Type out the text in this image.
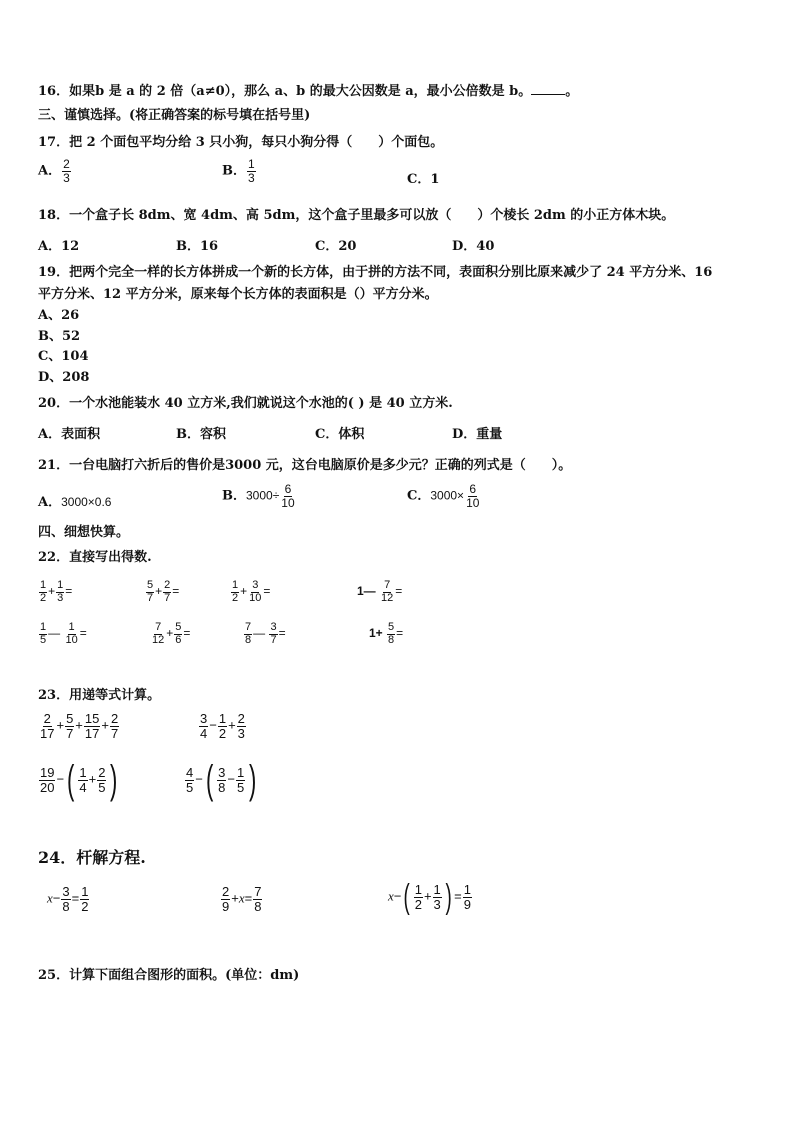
16．如果b 是 a 的 2 倍（a≠0），那么 a、b 的最大公因数是 a，最小公倍数是 b。	。
三、谨慎选择。(将正确答案的标号填在括号里)
17．把 2 个面包平均分给 3 只小狗，每只小狗分得（　　）个面包。
A． $\frac{2}{3}$	B． $\frac{1}{3}$	C．1
18．一个盒子长 8dm、宽 4dm、高 5dm，这个盒子里最多可以放（　　）个棱长 2dm 的小正方体木块。
A．12	B．16	C．20	D．40
19．把两个完全一样的长方体拼成一个新的长方体，由于拼的方法不同，表面积分别比原来减少了 24 平方分米、16
平方分米、12 平方分米，原来每个长方体的表面积是（）平方分米。
A、26
B、52
C、104
D、208
20．一个水池能装水 40 立方米,我们就说这个水池的( ) 是 40 立方米.
A．表面积	B．容积	C．体积	D．重量
21．一台电脑打六折后的售价是3000 元，这台电脑原价是多少元？正确的列式是（　　）。
A．3000×0.6	B．$3000\div \frac{6}{10}$	C．$3000\times \frac{6}{10}$
四、细想快算。
22．直接写出得数.
$\frac{1}{2} + \frac{1}{3}$ =	$\frac{5}{7} + \frac{2}{7}$ =	$\frac{1}{2} + \frac{3}{10}$ =	1— $\frac{7}{12}$ =
$\frac{1}{5}$ — $\frac{1}{10}$ =	$\frac{7}{12} + \frac{5}{6}$ =	$\frac{7}{8}$ — $\frac{3}{7}$ =	$1+ \frac{5}{8}$ =
23．用递等式计算。
$\frac{2}{17} + \frac{5}{7} + \frac{15}{17} + \frac{2}{7}$	$\frac{3}{4} - \frac{1}{2} + \frac{2}{3}$
$\frac{19}{20}$ −( $\frac{1}{4} + \frac{2}{5}$ )	$\frac{4}{5}$ −( $\frac{3}{8} - \frac{1}{5}$ )
24．杆解方程.
$x- \frac{3}{8} = \frac{1}{2}$	$\frac{2}{9} +x= \frac{7}{8}$	$x-( \frac{1}{2} + \frac{1}{3}$ ) = $\frac{1}{9}$
25．计算下面组合图形的面积。(单位：dm)
